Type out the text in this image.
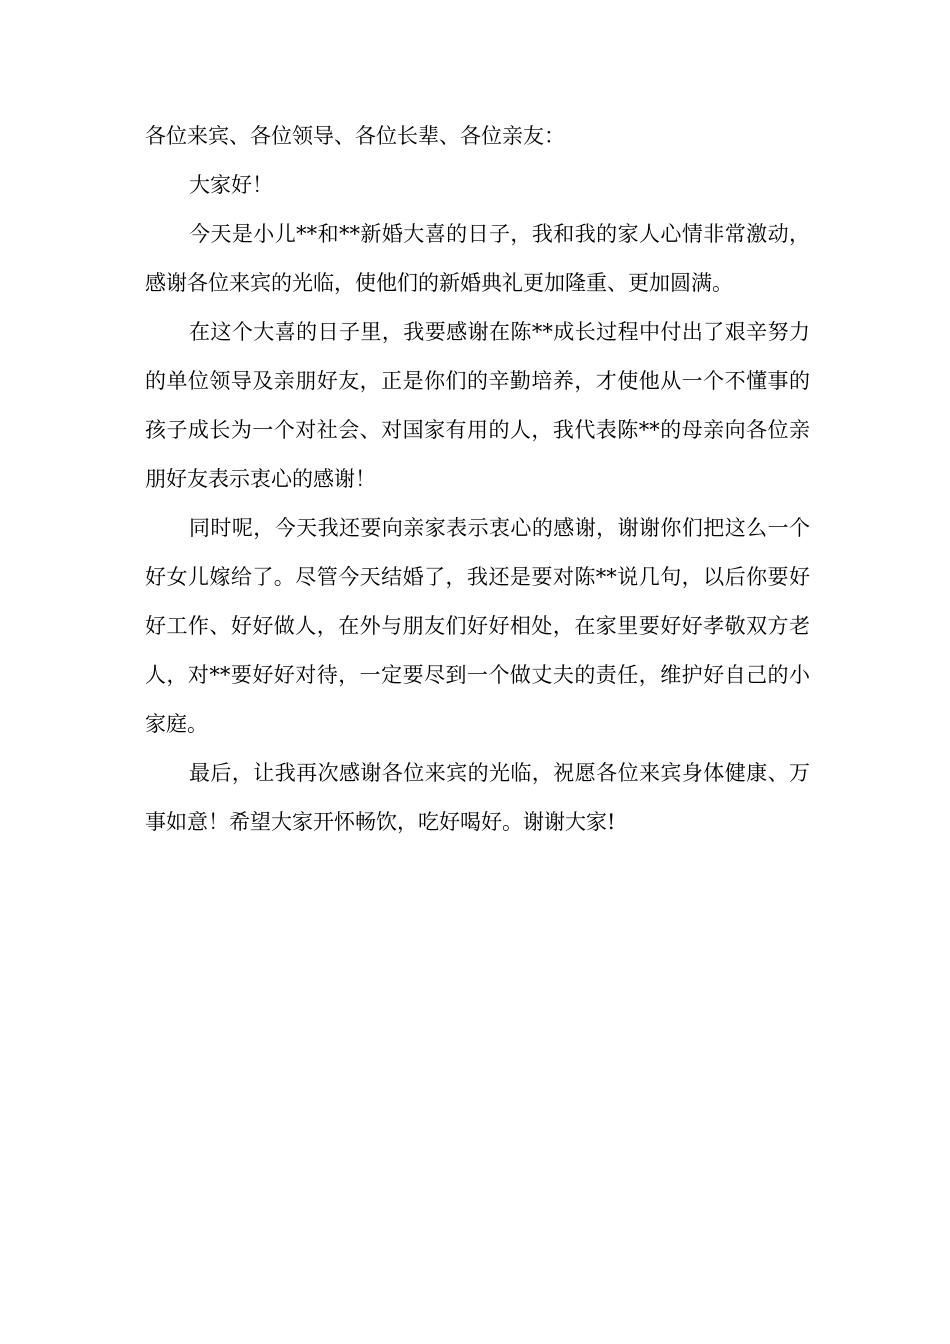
各位来宾、各位领导、各位长辈、各位亲友：

大家好！

今天是小儿**和**新婚大喜的日子，我和我的家人心情非常激动，感谢各位来宾的光临，使他们的新婚典礼更加隆重、更加圆满。

在这个大喜的日子里，我要感谢在陈**成长过程中付出了艰辛努力的单位领导及亲朋好友，正是你们的辛勤培养，才使他从一个不懂事的孩子成长为一个对社会、对国家有用的人，我代表陈**的母亲向各位亲朋好友表示衷心的感谢！

同时呢，今天我还要向亲家表示衷心的感谢，谢谢你们把这么一个好女儿嫁给了。尽管今天结婚了，我还是要对陈**说几句，以后你要好好工作、好好做人，在外与朋友们好好相处，在家里要好好孝敬双方老人，对**要好好对待，一定要尽到一个做丈夫的责任，维护好自己的小家庭。

最后，让我再次感谢各位来宾的光临，祝愿各位来宾身体健康、万事如意！希望大家开怀畅饮，吃好喝好。谢谢大家!
